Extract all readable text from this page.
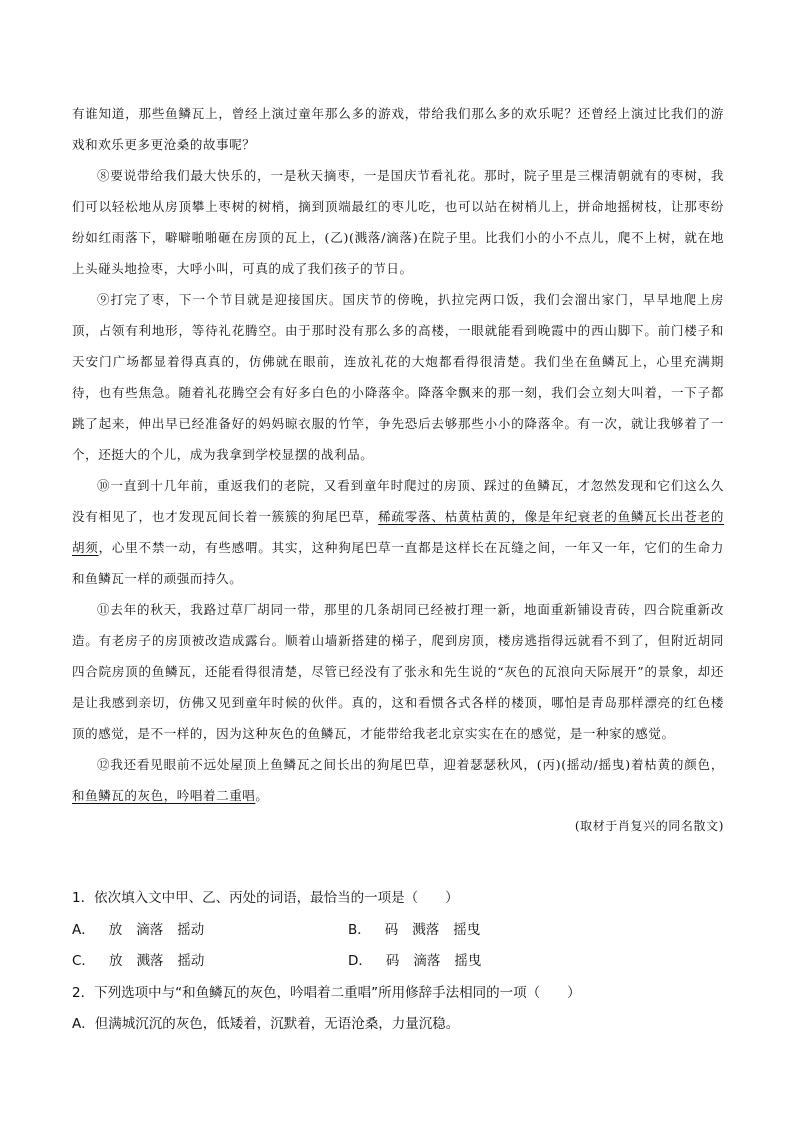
有谁知道，那些鱼鳞瓦上，曾经上演过童年那么多的游戏，带给我们那么多的欢乐呢？还曾经上演过比我们的游戏和欢乐更多更沧桑的故事呢？

⑧要说带给我们最大快乐的，一是秋天摘枣，一是国庆节看礼花。那时，院子里是三棵清朝就有的枣树，我们可以轻松地从房顶攀上枣树的树梢，摘到顶端最红的枣儿吃，也可以站在树梢儿上，拼命地摇树枝，让那枣纷纷如红雨落下，噼噼啪啪砸在房顶的瓦上，(乙)(溅落/滴落)在院子里。比我们小的小不点儿，爬不上树，就在地上头碰头地捡枣，大呼小叫，可真的成了我们孩子的节日。

⑨打完了枣，下一个节目就是迎接国庆。国庆节的傍晚，扒拉完两口饭，我们会溜出家门，早早地爬上房顶，占领有利地形，等待礼花腾空。由于那时没有那么多的高楼，一眼就能看到晚霞中的西山脚下。前门楼子和天安门广场都显着得真真的，仿佛就在眼前，连放礼花的大炮都看得很清楚。我们坐在鱼鳞瓦上，心里充满期待，也有些焦急。随着礼花腾空会有好多白色的小降落伞。降落伞飘来的那一刻，我们会立刻大叫着，一下子都跳了起来，伸出早已经准备好的妈妈晾衣服的竹竿，争先恐后去够那些小小的降落伞。有一次，就让我够着了一个，还挺大的个儿，成为我拿到学校显摆的战利品。

⑩一直到十几年前，重返我们的老院，又看到童年时爬过的房顶、踩过的鱼鳞瓦，才忽然发现和它们这么久没有相见了，也才发现瓦间长着一簇簇的狗尾巴草，稀疏零落、枯黄枯黄的，像是年纪衰老的鱼鳞瓦长出苍老的胡须，心里不禁一动，有些感喟。其实，这种狗尾巴草一直都是这样长在瓦缝之间，一年又一年，它们的生命力和鱼鳞瓦一样的顽强而持久。

⑪去年的秋天，我路过草厂胡同一带，那里的几条胡同已经被打理一新，地面重新铺设青砖，四合院重新改造。有老房子的房顶被改造成露台。顺着山墙新搭建的梯子，爬到房顶，楼房逃指得远就看不到了，但附近胡同四合院房顶的鱼鳞瓦，还能看得很清楚，尽管已经没有了张永和先生说的“灰色的瓦浪向天际展开”的景象，却还是让我感到亲切，仿佛又见到童年时候的伙伴。真的，这和看惯各式各样的楼顶，哪怕是青岛那样漂亮的红色楼顶的感觉，是不一样的，因为这种灰色的鱼鳞瓦，才能带给我老北京实实在在的感觉，是一种家的感觉。

⑫我还看见眼前不远处屋顶上鱼鳞瓦之间长出的狗尾巴草，迎着瑟瑟秋风，(丙)(摇动/摇曳)着枯黄的颜色，和鱼鳞瓦的灰色，吟唱着二重唱。

(取材于肖复兴的同名散文)

1．依次填入文中甲、乙、丙处的词语，最恰当的一项是（　　）
A． 放 滴落 摇动	B． 码 溅落 摇曳
C． 放 溅落 摇动	D． 码 滴落 摇曳
2．下列选项中与“和鱼鳞瓦的灰色，吟唱着二重唱”所用修辞手法相同的一项（　　）
A．但满城沉沉的灰色，低矮着，沉默着，无语沧桑，力量沉稳。
